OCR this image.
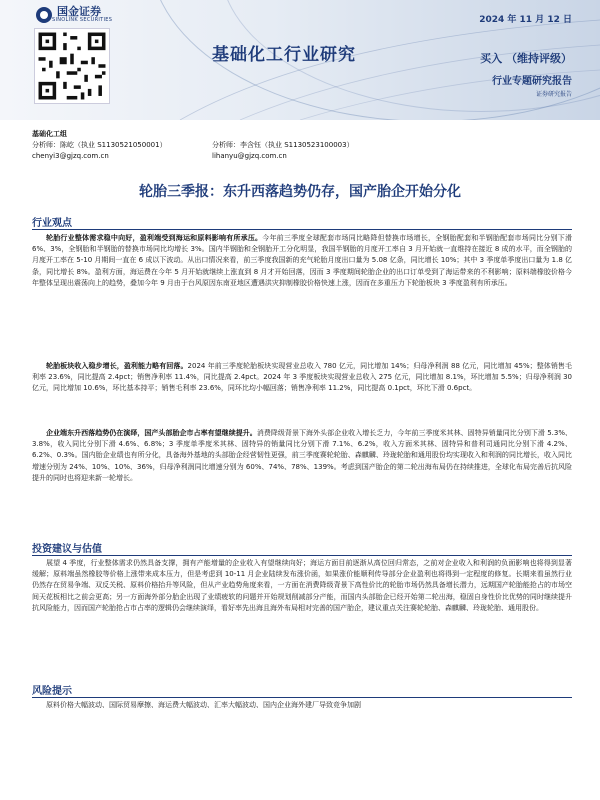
国金证券
SINOLINK SECURITIES	2024 年 11 月 12 日
基础化工行业研究	买入 （维持评级）
行业专题研究报告
证券研究报告
基础化工组
分析师：陈屹（执业 S1130521050001）
chenyi3@gjzq.com.cn
分析师：李含钰（执业 S1130523100003）
lihanyu@gjzq.com.cn
轮胎三季报：东升西落趋势仍存，国产胎企开始分化
行业观点

轮胎行业整体需求稳中向好，盈利端受到海运和原料影响有所承压。今年前三季度全球配套市场同比略降但替换市场增长，全钢胎配套和半钢胎配套市场同比分别下滑 6%、3%，全钢胎和半钢胎的替换市场同比均增长 3%。国内半钢胎和全钢胎开工分化明显，我国半钢胎的月度开工率自 3 月开始就一直维持在接近 8 成的水平，而全钢胎的月度开工率在 5-10 月期间一直在 6 成以下波动。从出口情况来看，前三季度我国新的充气轮胎月度出口量为 5.08 亿条，同比增长 10%；其中 3 季度单季度出口量为 1.8 亿条，同比增长 8%。盈利方面，海运费在今年 5 月开始就继续上涨直到 8 月才开始回落，因而 3 季度期间轮胎企业的出口订单受到了海运带来的不利影响；原料端橡胶价格今年整体呈现出震荡向上的趋势，叠加今年 9 月由于台风原因东南亚地区遭遇洪灾抑制橡胶价格快速上涨，因而在多重压力下轮胎板块 3 季度盈利有所承压。

轮胎板块收入稳步增长，盈利能力略有回落。2024 年前三季度轮胎板块实现营业总收入 780 亿元，同比增加 14%；归母净利润 88 亿元，同比增加 45%；整体销售毛利率 23.6%，同比提高 2.4pct；销售净利率 11.4%，同比提高 2.4pct。2024 年 3 季度板块实现营业总收入 275 亿元，同比增加 8.1%，环比增加 5.5%；归母净利润 30 亿元，同比增加 10.6%，环比基本持平；销售毛利率 23.6%，同环比均小幅回落；销售净利率 11.2%，同比提高 0.1pct，环比下滑 0.6pct。

企业端东升西落趋势仍在演绎，国产头部胎企市占率有望继续提升。消费降级背景下海外头部企业收入增长乏力，今年前三季度米其林、固特异销量同比分别下滑 5.3%、3.8%，收入同比分别下滑 4.6%、6.8%；3 季度单季度米其林、固特异的销量同比分别下滑 7.1%、6.2%，收入方面米其林、固特异和普利司通同比分别下滑 4.2%、6.2%、0.3%。国内胎企业绩也有所分化，具备海外基地的头部胎企经营韧性更强，前三季度赛轮轮胎、森麒麟、玲珑轮胎和通用股份均实现收入和利润的同比增长，收入同比增速分别为 24%、10%、10%、36%，归母净利润同比增速分别为 60%、74%、78%、139%。考虑到国产胎企的第二轮出海布局仍在持续推进，全球化布局完善后抗风险提升的同时也将迎来新一轮增长。

投资建议与估值

展望 4 季度，行业整体需求仍然具备支撑，拥有产能增量的企业收入有望继续向好；海运方面目前逐渐从高位回归常态，之前对企业收入和利润的负面影响也将得到显著缓解；原料端虽然橡胶等价格上涨带来成本压力，但是考虑到 10-11 月企业陆续发布涨价函，如果涨价能顺利传导部分企业盈利也将得到一定程度的修复。长期来看虽然行业仍然存在贸易争端、双反关税、原料价格抬升等风险，但从产业趋势角度来看，一方面在消费降级背景下高性价比的轮胎市场仍然具备增长潜力，远期国产轮胎能抢占的市场空间天花板相比之前会更高；另一方面海外部分胎企出现了业绩疲软的问题并开始规划削减部分产能，而国内头部胎企已经开始第二轮出海，稳固自身性价比优势的同时继续提升抗风险能力，因而国产轮胎抢占市占率的逻辑仍会继续演绎，看好率先出海且海外布局相对完善的国产胎企，建议重点关注赛轮轮胎、森麒麟、玲珑轮胎、通用股份。

风险提示
原料价格大幅波动、国际贸易摩擦、海运费大幅波动、汇率大幅波动、国内企业海外建厂导致竞争加剧
